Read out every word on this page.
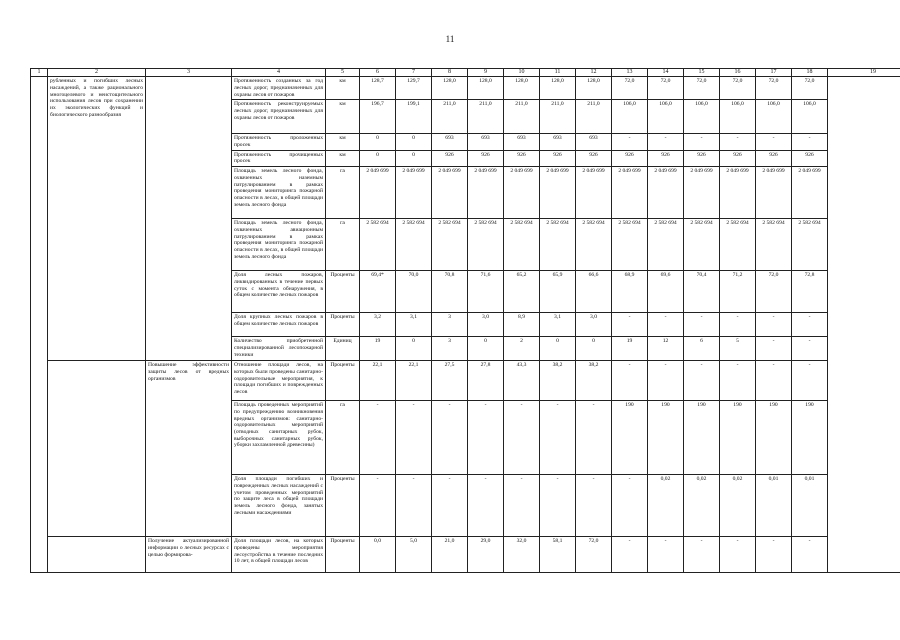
11
1	2	3	4	5	6	7	8	9	10	11	12	13	14	15	16	17	18	19
	рубленных и погибших лесных насаждений, а также рационального многоцелевого и неистощительного использования лесов при сохранении их экологических функций и биологического разнообразия		Протяженность созданных за год лесных дорог, предназначенных для охраны лесов от пожаров	км	128,7	129,7	128,0	128,0	128,0	128,0	128,0	72,0	72,0	72,0	72,0	72,0	72,0	
			Протяженность реконструируемых лесных дорог, предназначенных для охраны лесов от пожаров	км	196,7	199,1	211,0	211,0	211,0	211,0	211,0	106,0	106,0	106,0	106,0	106,0	106,0	
			Протяженность проложенных просек	км	0	0	693	693	693	693	693	-	-	-	-	-	-	
			Протяженность прочищенных просек	км	0	0	926	926	926	926	926	926	926	926	926	926	926	
			Площадь земель лесного фонда, охваченных наземным патрулированием в рамках проведения мониторинга пожарной опасности в лесах, в общей площади земель лесного фонда	га	2 049 699	2 049 699	2 049 699	2 049 699	2 049 699	2 049 699	2 049 699	2 049 699	2 049 699	2 049 699	2 049 699	2 049 699	2 049 699	
			Площадь земель лесного фонда, охваченных авиационным патрулированием в рамках проведения мониторинга пожарной опасности в лесах, в общей площади земель лесного фонда	га	2 582 694	2 582 694	2 582 694	2 582 694	2 582 694	2 582 694	2 582 694	2 582 694	2 582 694	2 582 694	2 582 694	2 582 694	2 582 694	
			Доля лесных пожаров, ликвидированных в течение первых суток с момента обнаружения, в общем количестве лесных пожаров	Проценты	69,4*	70,0	70,8	71,6	65,2	65,9	66,6	68,9	69,6	70,4	71,2	72,0	72,8	
			Доля крупных лесных пожаров в общем количестве лесных пожаров	Проценты	3,2	3,1	3	3,0	8,9	3,1	3,0	-	-	-	-	-	-	
			Количество приобретенной специализированной лесопожарной техники	Единиц	19	0	3	0	2	0	0	19	12	6	5	-	-	
		Повышение эффективности защиты лесов от вредных организмов	Отношение площади лесов, на которых были проведены санитарно-оздоровительные мероприятия, к площади погибших и поврежденных лесов	Проценты	22,1	22,1	27,5	27,8	43,3	38,2	38,2	-	-	-	-	-	-	
			Площадь проведенных мероприятий по предупреждению возникновения вредных организмов: санитарно-оздоровительных мероприятий (отводных санитарных рубок, выборочных санитарных рубок, уборки захламленной древесины)	га	-	-	-	-	-	-	-	190	190	190	190	190	190	
			Доля площади погибших и поврежденных лесных насаждений с учетом проведенных мероприятий по защите леса в общей площади земель лесного фонда, занятых лесными насаждениями	Проценты	-	-	-	-	-	-	-	-	0,02	0,02	0,02	0,01	0,01	
		Получение актуализированной информации о лесных ресурсах с целью формирова-	Доля площади лесов, на которых проведены мероприятия лесоустройства в течение последних 10 лет, в общей площади лесов	Проценты	0,0	5,0	21,0	29,0	32,0	58,1	72,0	-	-	-	-	-	-	
